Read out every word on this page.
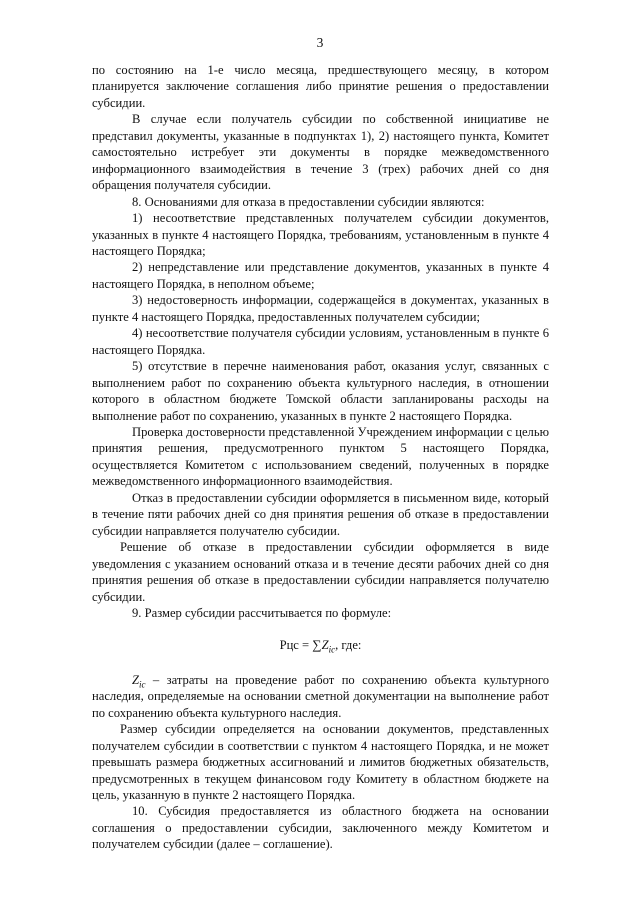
3

по состоянию на 1-е число месяца, предшествующего месяцу, в котором планируется заключение соглашения либо принятие решения о предоставлении субсидии.

В случае если получатель субсидии по собственной инициативе не представил документы, указанные в подпунктах 1), 2) настоящего пункта, Комитет самостоятельно истребует эти документы в порядке межведомственного информационного взаимодействия в течение 3 (трех) рабочих дней со дня обращения получателя субсидии.

8. Основаниями для отказа в предоставлении субсидии являются:

1) несоответствие представленных получателем субсидии документов, указанных в пункте 4 настоящего Порядка, требованиям, установленным в пункте 4 настоящего Порядка;

2) непредставление или представление документов, указанных в пункте 4 настоящего Порядка, в неполном объеме;

3) недостоверность информации, содержащейся в документах, указанных в пункте 4 настоящего Порядка, предоставленных получателем субсидии;

4) несоответствие получателя субсидии условиям, установленным в пункте 6 настоящего Порядка.

5) отсутствие в перечне наименования работ, оказания услуг, связанных с выполнением работ по сохранению объекта культурного наследия, в отношении которого в областном бюджете Томской области запланированы расходы на выполнение работ по сохранению, указанных в пункте 2 настоящего Порядка.

Проверка достоверности представленной Учреждением информации с целью принятия решения, предусмотренного пунктом 5 настоящего Порядка, осуществляется Комитетом с использованием сведений, полученных в порядке межведомственного информационного взаимодействия.

Отказ в предоставлении субсидии оформляется в письменном виде, который в течение пяти рабочих дней со дня принятия решения об отказе в предоставлении субсидии направляется получателю субсидии.

Решение об отказе в предоставлении субсидии оформляется в виде уведомления с указанием оснований отказа и в течение десяти рабочих дней со дня принятия решения об отказе в предоставлении субсидии направляется получателю субсидии.

9. Размер субсидии рассчитывается по формуле:

Рцс = $\sum Z_{ic}$, где:

$Z_{ic}$ – затраты на проведение работ по сохранению объекта культурного наследия, определяемые на основании сметной документации на выполнение работ по сохранению объекта культурного наследия.

Размер субсидии определяется на основании документов, представленных получателем субсидии в соответствии с пунктом 4 настоящего Порядка, и не может превышать размера бюджетных ассигнований и лимитов бюджетных обязательств, предусмотренных в текущем финансовом году Комитету в областном бюджете на цель, указанную в пункте 2 настоящего Порядка.

10. Субсидия предоставляется из областного бюджета на основании соглашения о предоставлении субсидии, заключенного между Комитетом и получателем субсидии (далее – соглашение).
